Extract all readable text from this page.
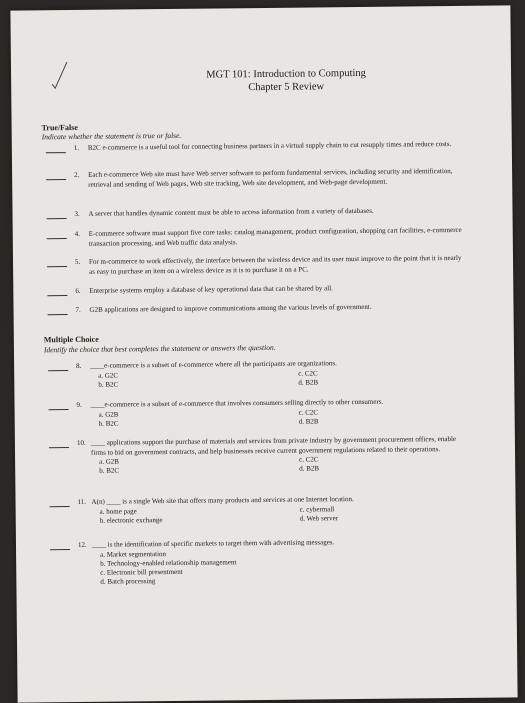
MGT 101: Introduction to Computing
Chapter 5 Review
True/False
Indicate whether the statement is true or false.
1. B2C e-commerce is a useful tool for connecting business partners in a virtual supply chain to cut resupply times and reduce costs.
2. Each e-commerce Web site must have Web server software to perform fundamental services, including security and identification, retrieval and sending of Web pages, Web site tracking, Web site development, and Web-page development.
3. A server that handles dynamic content must be able to access information from a variety of databases.
4. E-commerce software must support five core tasks: catalog management, product configuration, shopping cart facilities, e-commerce transaction processing, and Web traffic data analysis.
5. For m-commerce to work effectively, the interface between the wireless device and its user must improve to the point that it is nearly as easy to purchase an item on a wireless device as it is to purchase it on a PC.
6. Enterprise systems employ a database of key operational data that can be shared by all.
7. G2B applications are designed to improve communications among the various levels of government.
Multiple Choice
Identify the choice that best completes the statement or answers the question.
8. ____e-commerce is a subset of e-commerce where all the participants are organizations.
a. G2C	c. C2C
b. B2C	d. B2B
9. ____e-commerce is a subset of e-commerce that involves consumers selling directly to other consumers.
a. G2B	c. C2C
b. B2C	d. B2B
10. ____ applications support the purchase of materials and services from private industry by government procurement offices, enable firms to bid on government contracts, and help businesses receive current government regulations related to their operations.
a. G2B	c. C2C
b. B2C	d. B2B
11. A(n) ____ is a single Web site that offers many products and services at one Internet location.
a. home page	c. cybermall
b. electronic exchange	d. Web server
12. ____ is the identification of specific markets to target them with advertising messages.
a. Market segmentation
b. Technology-enabled relationship management
c. Electronic bill presentment
d. Batch processing
